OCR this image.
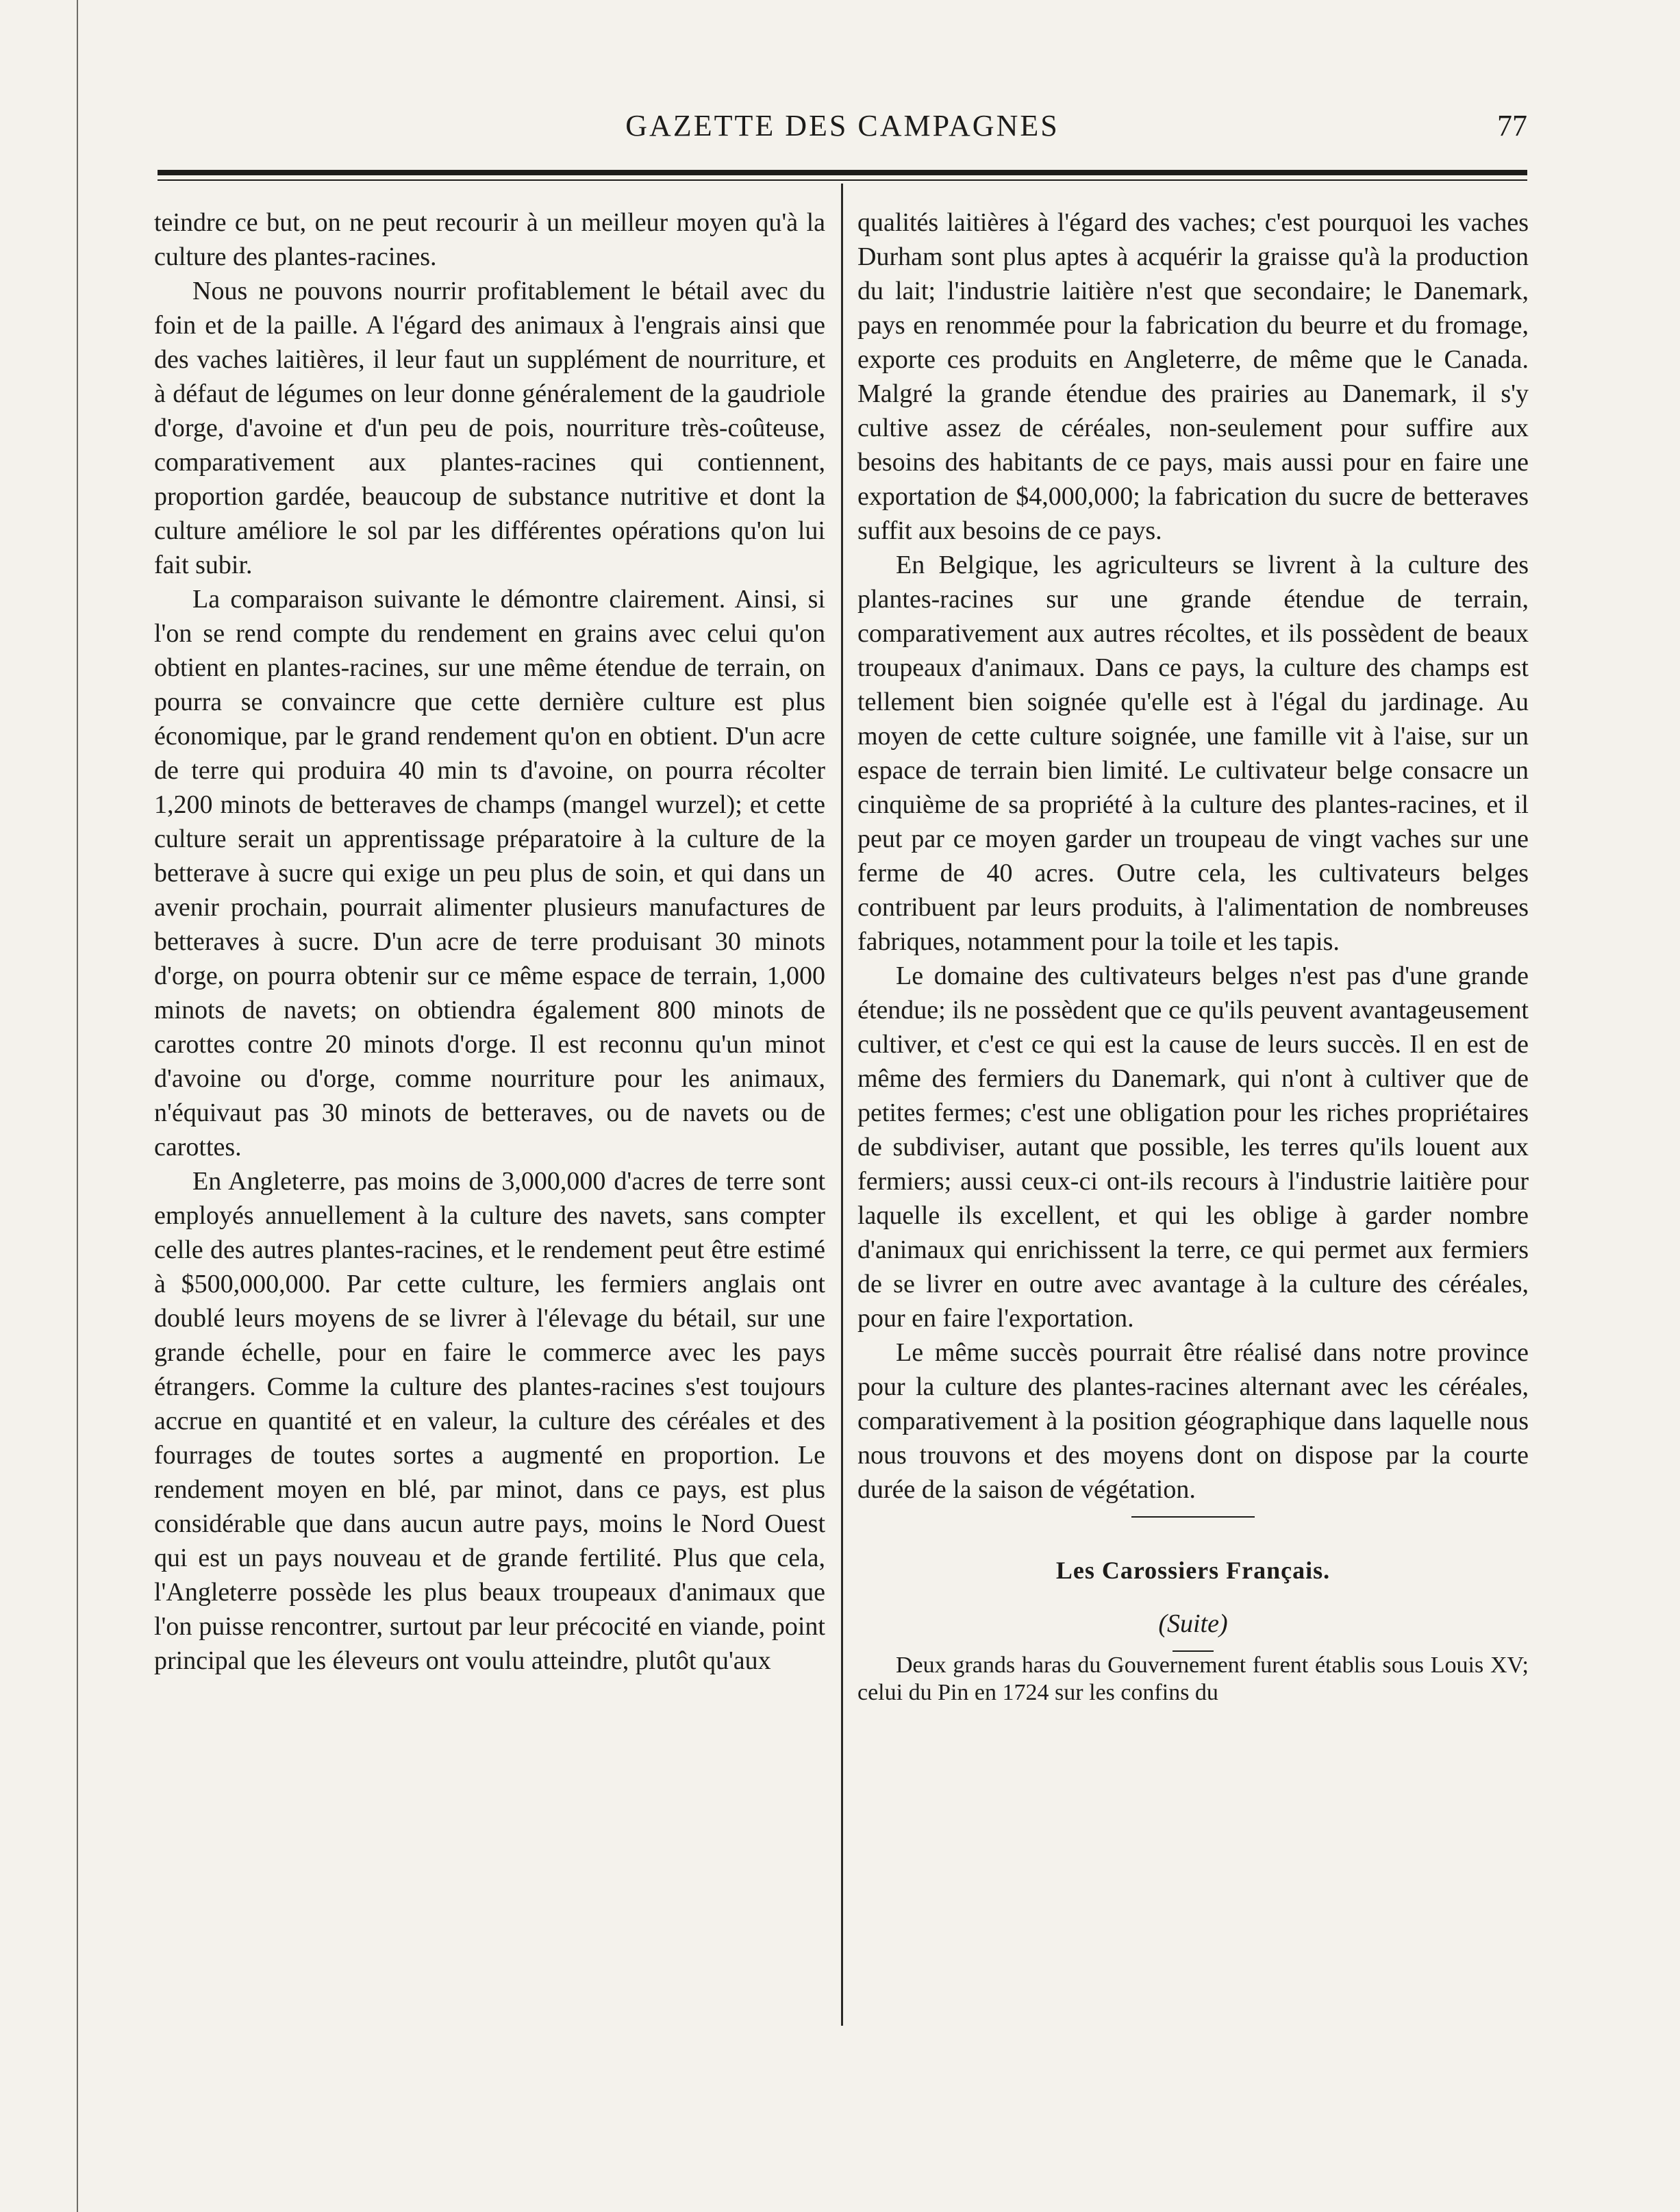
GAZETTE DES CAMPAGNES	77

teindre ce but, on ne peut recourir à un meilleur moyen qu'à la culture des plantes-racines.

Nous ne pouvons nourrir profitablement le bétail avec du foin et de la paille. A l'égard des animaux à l'engrais ainsi que des vaches laitières, il leur faut un supplément de nourriture, et à défaut de légumes on leur donne généralement de la gaudriole d'orge, d'avoine et d'un peu de pois, nourriture très-coûteuse, comparativement aux plantes-racines qui contiennent, proportion gardée, beaucoup de substance nutritive et dont la culture améliore le sol par les différentes opérations qu'on lui fait subir.

La comparaison suivante le démontre clairement. Ainsi, si l'on se rend compte du rendement en grains avec celui qu'on obtient en plantes-racines, sur une même étendue de terrain, on pourra se convaincre que cette dernière culture est plus économique, par le grand rendement qu'on en obtient. D'un acre de terre qui produira 40 min ts d'avoine, on pourra récolter 1,200 minots de betteraves de champs (mangel wurzel); et cette culture serait un apprentissage préparatoire à la culture de la betterave à sucre qui exige un peu plus de soin, et qui dans un avenir prochain, pourrait alimenter plusieurs manufactures de betteraves à sucre. D'un acre de terre produisant 30 minots d'orge, on pourra obtenir sur ce même espace de terrain, 1,000 minots de navets; on obtiendra également 800 minots de carottes contre 20 minots d'orge. Il est reconnu qu'un minot d'avoine ou d'orge, comme nourriture pour les animaux, n'équivaut pas 30 minots de betteraves, ou de navets ou de carottes.

En Angleterre, pas moins de 3,000,000 d'acres de terre sont employés annuellement à la culture des navets, sans compter celle des autres plantes-racines, et le rendement peut être estimé à $500,000,000. Par cette culture, les fermiers anglais ont doublé leurs moyens de se livrer à l'élevage du bétail, sur une grande échelle, pour en faire le commerce avec les pays étrangers. Comme la culture des plantes-racines s'est toujours accrue en quantité et en valeur, la culture des céréales et des fourrages de toutes sortes a augmenté en proportion. Le rendement moyen en blé, par minot, dans ce pays, est plus considérable que dans aucun autre pays, moins le Nord Ouest qui est un pays nouveau et de grande fertilité. Plus que cela, l'Angleterre possède les plus beaux troupeaux d'animaux que l'on puisse rencontrer, surtout par leur précocité en viande, point principal que les éleveurs ont voulu atteindre, plutôt qu'aux

qualités laitières à l'égard des vaches; c'est pourquoi les vaches Durham sont plus aptes à acquérir la graisse qu'à la production du lait; l'industrie laitière n'est que secondaire; le Danemark, pays en renommée pour la fabrication du beurre et du fromage, exporte ces produits en Angleterre, de même que le Canada. Malgré la grande étendue des prairies au Danemark, il s'y cultive assez de céréales, non-seulement pour suffire aux besoins des habitants de ce pays, mais aussi pour en faire une exportation de $4,000,000; la fabrication du sucre de betteraves suffit aux besoins de ce pays.

En Belgique, les agriculteurs se livrent à la culture des plantes-racines sur une grande étendue de terrain, comparativement aux autres récoltes, et ils possèdent de beaux troupeaux d'animaux. Dans ce pays, la culture des champs est tellement bien soignée qu'elle est à l'égal du jardinage. Au moyen de cette culture soignée, une famille vit à l'aise, sur un espace de terrain bien limité. Le cultivateur belge consacre un cinquième de sa propriété à la culture des plantes-racines, et il peut par ce moyen garder un troupeau de vingt vaches sur une ferme de 40 acres. Outre cela, les cultivateurs belges contribuent par leurs produits, à l'alimentation de nombreuses fabriques, notamment pour la toile et les tapis.

Le domaine des cultivateurs belges n'est pas d'une grande étendue; ils ne possèdent que ce qu'ils peuvent avantageusement cultiver, et c'est ce qui est la cause de leurs succès. Il en est de même des fermiers du Danemark, qui n'ont à cultiver que de petites fermes; c'est une obligation pour les riches propriétaires de subdiviser, autant que possible, les terres qu'ils louent aux fermiers; aussi ceux-ci ont-ils recours à l'industrie laitière pour laquelle ils excellent, et qui les oblige à garder nombre d'animaux qui enrichissent la terre, ce qui permet aux fermiers de se livrer en outre avec avantage à la culture des céréales, pour en faire l'exportation.

Le même succès pourrait être réalisé dans notre province pour la culture des plantes-racines alternant avec les céréales, comparativement à la position géographique dans laquelle nous nous trouvons et des moyens dont on dispose par la courte durée de la saison de végétation.

Les Carossiers Français.
(Suite)

Deux grands haras du Gouvernement furent établis sous Louis XV; celui du Pin en 1724 sur les confins du
